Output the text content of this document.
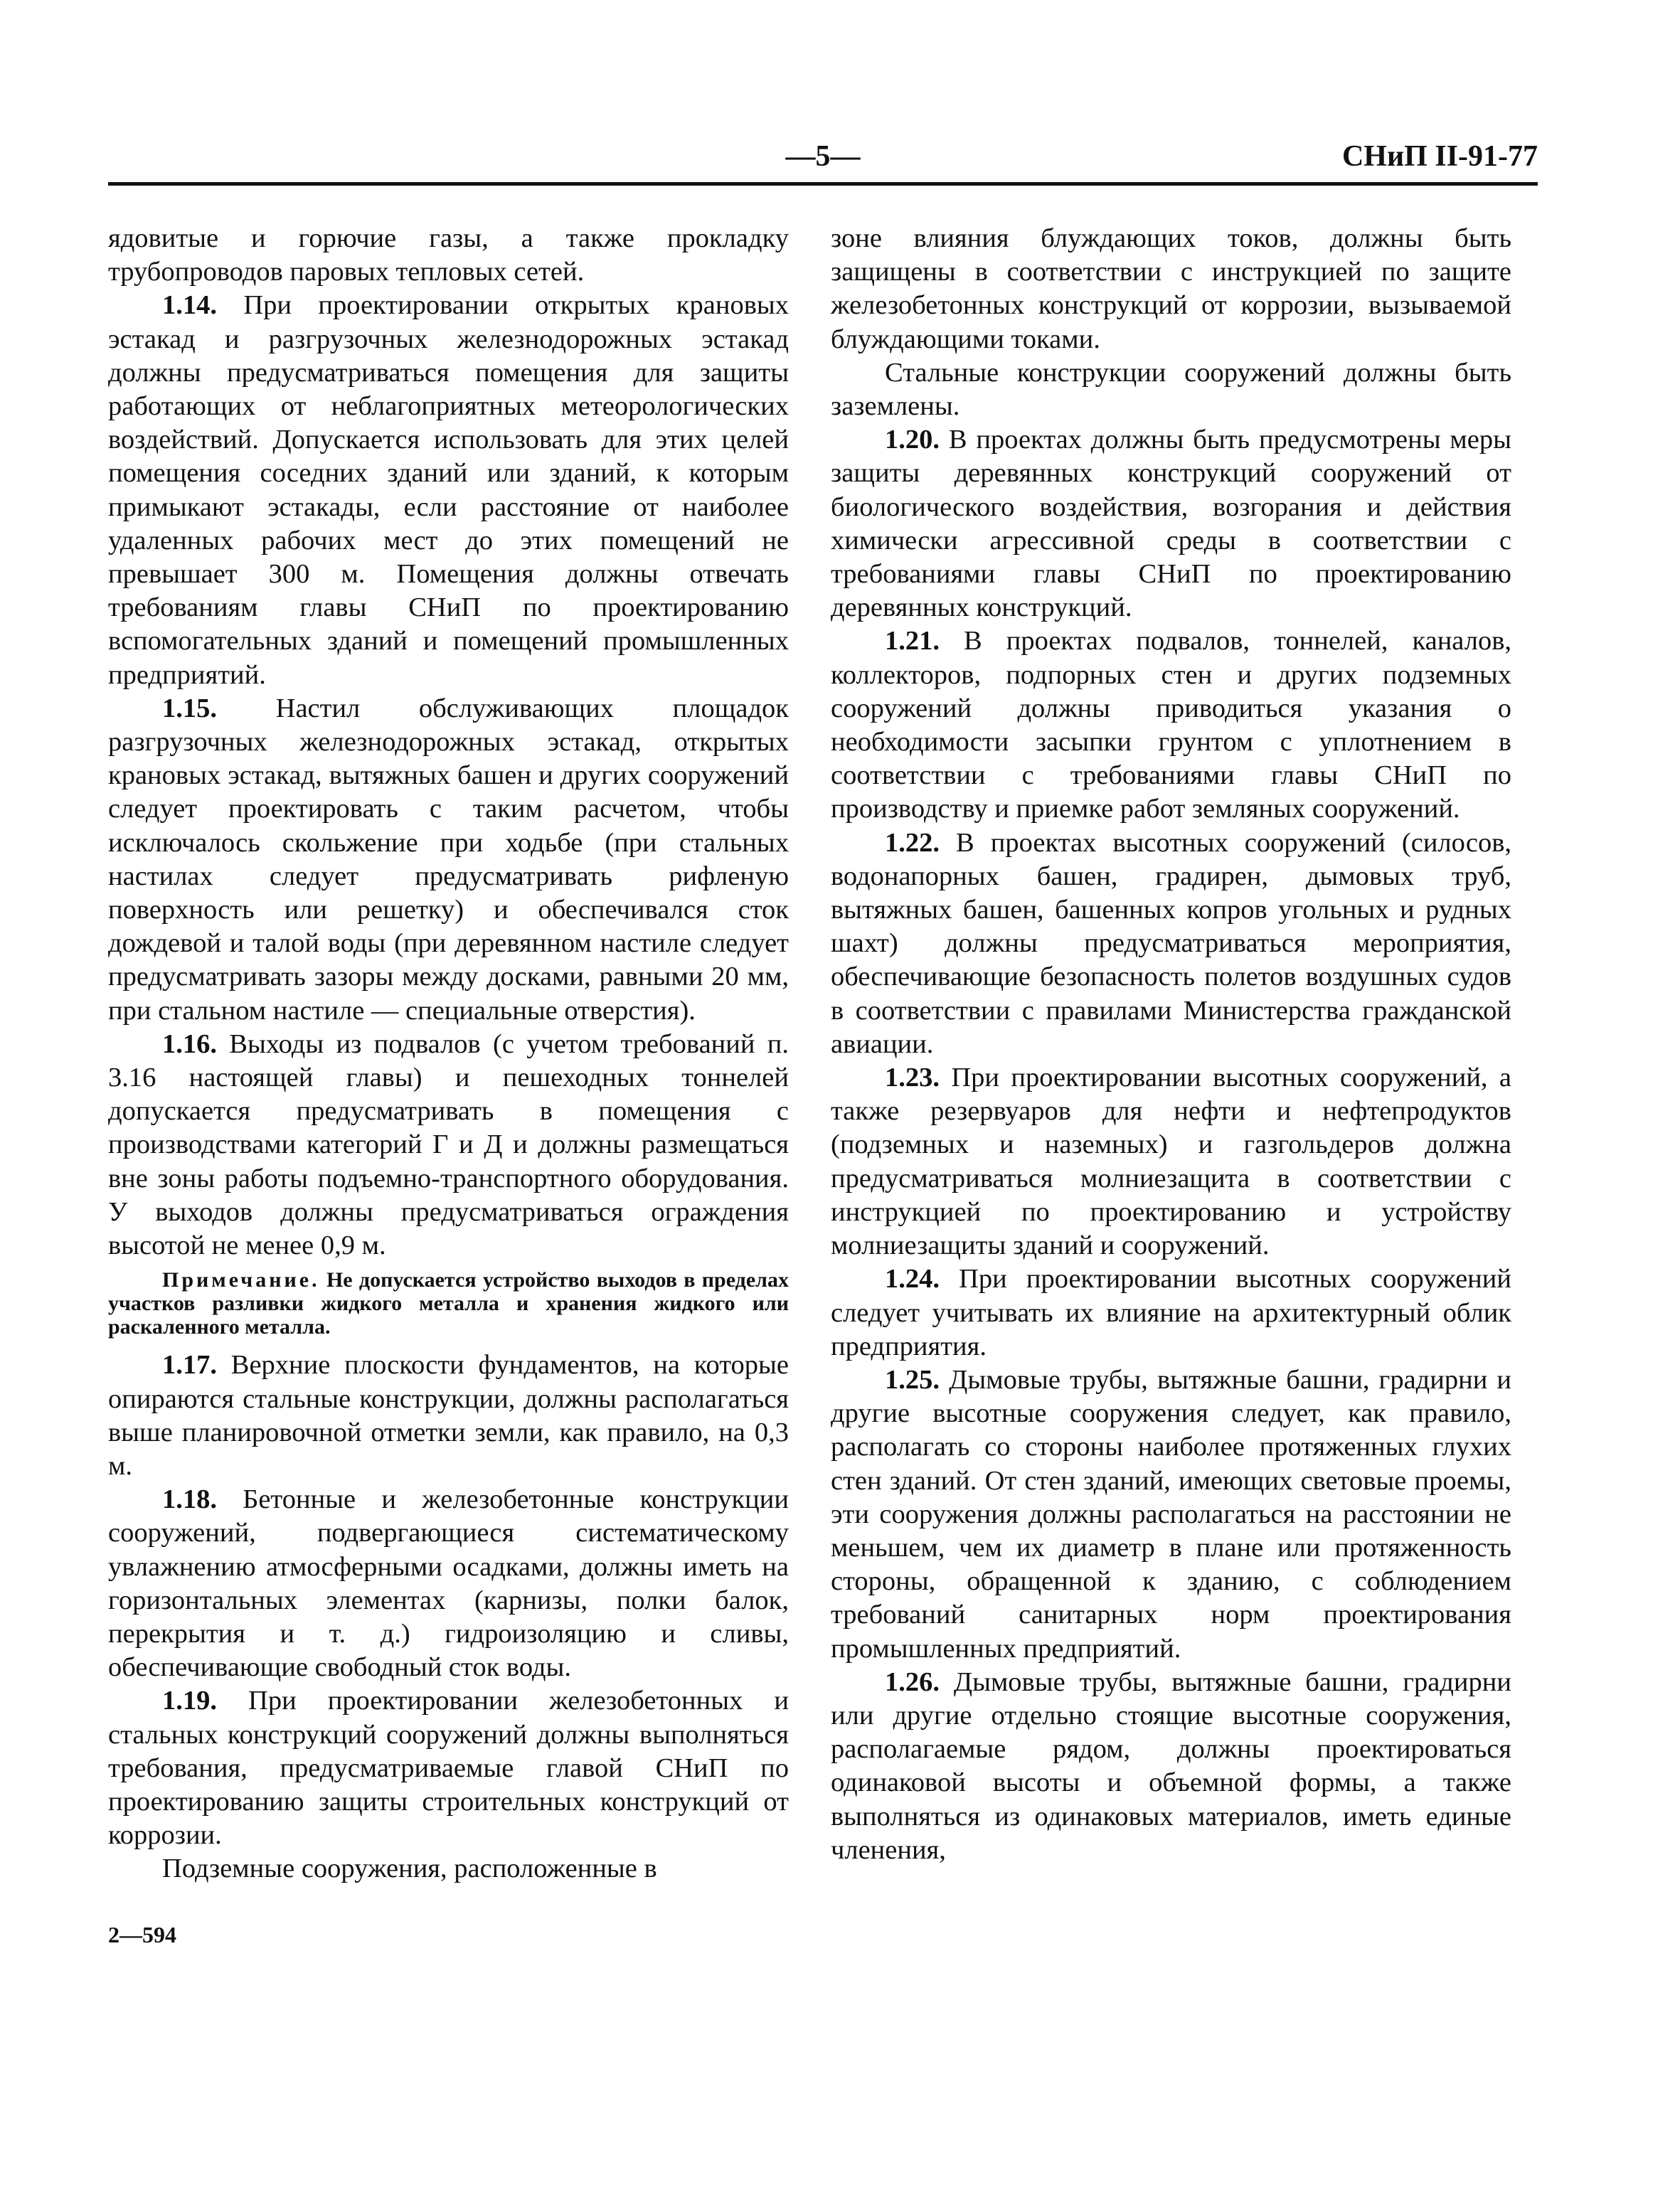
—5—	СНиП II-91-77

ядовитые и горючие газы, а также прокладку трубопроводов паровых тепловых сетей.

1.14. При проектировании открытых крановых эстакад и разгрузочных железнодорожных эстакад должны предусматриваться помещения для защиты работающих от неблагоприятных метеорологических воздействий. Допускается использовать для этих целей помещения соседних зданий или зданий, к которым примыкают эстакады, если расстояние от наиболее удаленных рабочих мест до этих помещений не превышает 300 м. Помещения должны отвечать требованиям главы СНиП по проектированию вспомогательных зданий и помещений промышленных предприятий.

1.15. Настил обслуживающих площадок разгрузочных железнодорожных эстакад, открытых крановых эстакад, вытяжных башен и других сооружений следует проектировать с таким расчетом, чтобы исключалось скольжение при ходьбе (при стальных настилах следует предусматривать рифленую поверхность или решетку) и обеспечивался сток дождевой и талой воды (при деревянном настиле следует предусматривать зазоры между досками, равными 20 мм, при стальном настиле — специальные отверстия).

1.16. Выходы из подвалов (с учетом требований п. 3.16 настоящей главы) и пешеходных тоннелей допускается предусматривать в помещения с производствами категорий Г и Д и должны размещаться вне зоны работы подъемно-транспортного оборудования. У выходов должны предусматриваться ограждения высотой не менее 0,9 м.

Примечание. Не допускается устройство выходов в пределах участков разливки жидкого металла и хранения жидкого или раскаленного металла.

1.17. Верхние плоскости фундаментов, на которые опираются стальные конструкции, должны располагаться выше планировочной отметки земли, как правило, на 0,3 м.

1.18. Бетонные и железобетонные конструкции сооружений, подвергающиеся систематическому увлажнению атмосферными осадками, должны иметь на горизонтальных элементах (карнизы, полки балок, перекрытия и т. д.) гидроизоляцию и сливы, обеспечивающие свободный сток воды.

1.19. При проектировании железобетонных и стальных конструкций сооружений должны выполняться требования, предусматриваемые главой СНиП по проектированию защиты строительных конструкций от коррозии.

Подземные сооружения, расположенные в

зоне влияния блуждающих токов, должны быть защищены в соответствии с инструкцией по защите железобетонных конструкций от коррозии, вызываемой блуждающими токами.

Стальные конструкции сооружений должны быть заземлены.

1.20. В проектах должны быть предусмотрены меры защиты деревянных конструкций сооружений от биологического воздействия, возгорания и действия химически агрессивной среды в соответствии с требованиями главы СНиП по проектированию деревянных конструкций.

1.21. В проектах подвалов, тоннелей, каналов, коллекторов, подпорных стен и других подземных сооружений должны приводиться указания о необходимости засыпки грунтом с уплотнением в соответствии с требованиями главы СНиП по производству и приемке работ земляных сооружений.

1.22. В проектах высотных сооружений (силосов, водонапорных башен, градирен, дымовых труб, вытяжных башен, башенных копров угольных и рудных шахт) должны предусматриваться мероприятия, обеспечивающие безопасность полетов воздушных судов в соответствии с правилами Министерства гражданской авиации.

1.23. При проектировании высотных сооружений, а также резервуаров для нефти и нефтепродуктов (подземных и наземных) и газгольдеров должна предусматриваться молниезащита в соответствии с инструкцией по проектированию и устройству молниезащиты зданий и сооружений.

1.24. При проектировании высотных сооружений следует учитывать их влияние на архитектурный облик предприятия.

1.25. Дымовые трубы, вытяжные башни, градирни и другие высотные сооружения следует, как правило, располагать со стороны наиболее протяженных глухих стен зданий. От стен зданий, имеющих световые проемы, эти сооружения должны располагаться на расстоянии не меньшем, чем их диаметр в плане или протяженность стороны, обращенной к зданию, с соблюдением требований санитарных норм проектирования промышленных предприятий.

1.26. Дымовые трубы, вытяжные башни, градирни или другие отдельно стоящие высотные сооружения, располагаемые рядом, должны проектироваться одинаковой высоты и объемной формы, а также выполняться из одинаковых материалов, иметь единые членения,

2—594
